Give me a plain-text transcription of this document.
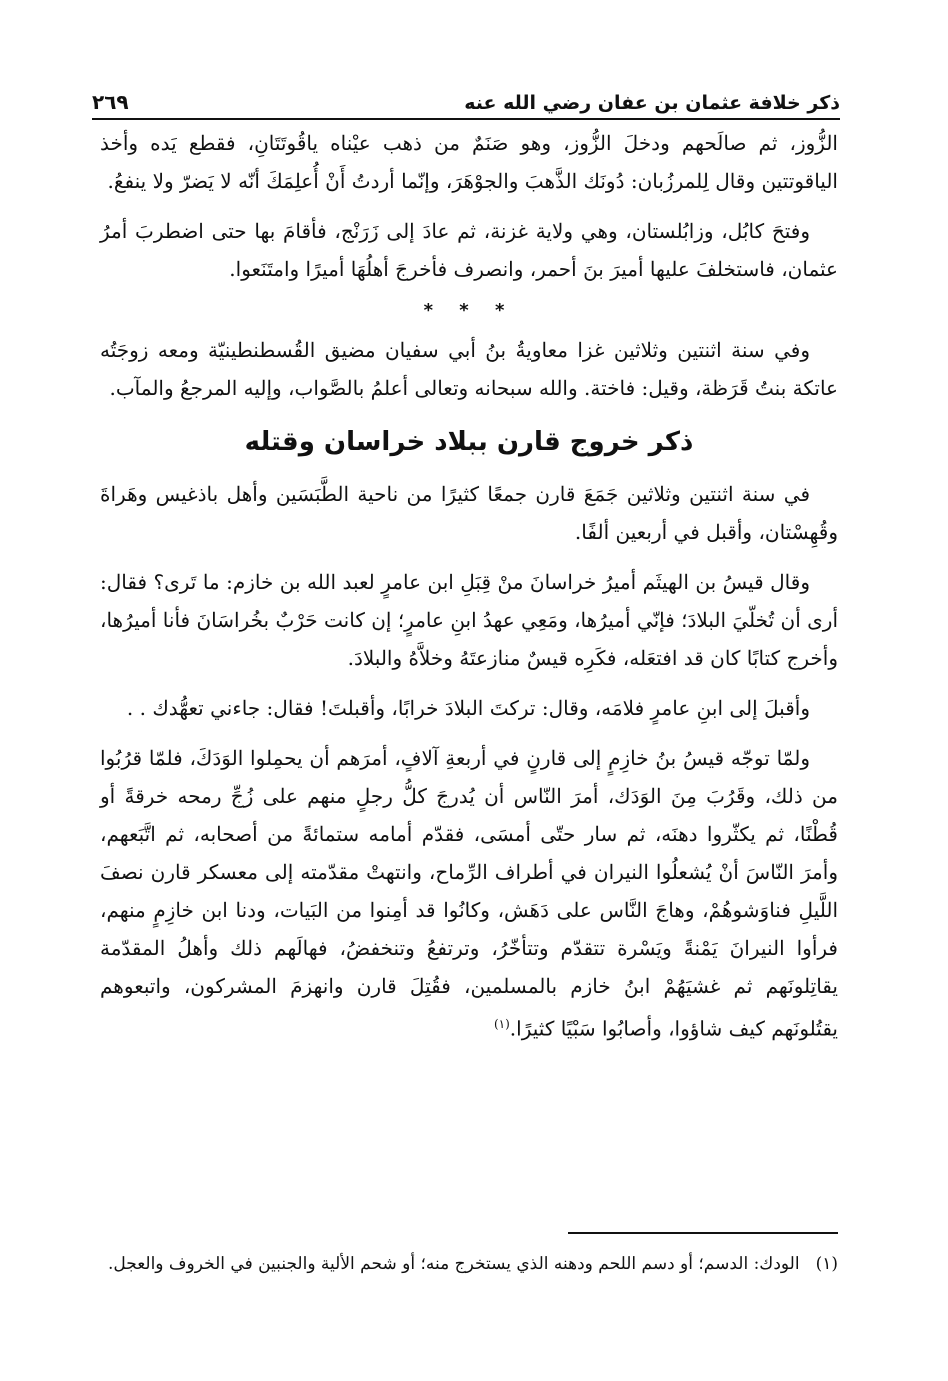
ذكر خلافة عثمان بن عفان رضي الله عنه
٢٦٩

الزُّوز، ثم صالَحهم ودخلَ الزُّوز، وهو صَنَمٌ من ذهب عيْناه ياقُوتَتَانِ، فقطع يَده وأخذ الياقوتتين وقال لِلمرزُبان: دُونَك الذَّهبَ والجوْهَرَ، وإنّما أردتُ أَنْ أُعلِمَكَ أنّه لا يَضرّ ولا ينفعُ.

وفتحَ كابُل، وزابُلستان، وهي ولاية غزنة، ثم عادَ إلى زَرَنْج، فأقامَ بها حتى اضطربَ أمرُ عثمان، فاستخلفَ عليها أميرَ بنَ أحمر، وانصرف فأخرجَ أهلُهَا أميرًا وامتَنَعوا.

* * *

وفي سنة اثنتين وثلاثين غزا معاويةُ بنُ أبي سفيان مضيق القُسطنطينيّة ومعه زوجَتُه عاتكة بنتُ قَرَظة، وقيل: فاختة. والله سبحانه وتعالى أعلمُ بالصَّواب، وإليه المرجعُ والمآب.

ذكر خروج قارن ببلاد خراسان وقتله

في سنة اثنتين وثلاثين جَمَعَ قارن جمعًا كثيرًا من ناحية الطَّبَسَين وأهل باذغيس وهَراةَ وقُهِسْتان، وأقبل في أربعين ألفًا.

وقال قيسُ بن الهيثَم أميرُ خراسانَ منْ قِبَلِ ابن عامرٍ لعبد الله بن خازم: ما تَرى؟ فقال: أرى أن تُخلّيَ البلادَ؛ فإنّي أميرُها، ومَعِي عهدُ ابنِ عامرٍ؛ إن كانت حَرْبٌ بخُراسَانَ فأنا أميرُها، وأخرج كتابًا كان قد افتعَله، فكَرِه قيسٌ منازعتَهُ وخلاَّهُ والبلادَ.

وأقبلَ إلى ابنِ عامرٍ فلامَه، وقال: تركتَ البلادَ خرابًا، وأقبلتَ! فقال: جاءني تعهُّدك . .

ولمّا توجّه قيسُ بنُ خازِمٍ إلى قارنٍ في أربعةِ آلافٍ، أمرَهم أن يحمِلوا الوَدَكَ، فلمّا قرُبُوا من ذلك، وقَرُبَ مِنَ الوَدَك، أمرَ النّاس أن يُدرجَ كلُّ رجلٍ منهم على زُجِّ رمحه خرقةً أو قُطْنًا، ثم يكثّروا دهنَه، ثم سار حتّى أمسَى، فقدّم أمامه ستمائةً من أصحابه، ثم اتَّبَعهم، وأمرَ النّاسَ أنْ يُشعلُوا النيران في أطراف الرِّماح، وانتهتْ مقدّمته إلى معسكر قارن نصفَ اللَّيلِ فناوَشوهُمْ، وهاجَ النَّاس على دَهَش، وكانُوا قد أمِنوا من البَيات، ودنا ابن خازِمٍ منهم، فرأوا النيرانَ يَمْنةً ويَسْرة تتقدّم وتتأخّرُ، وترتفعُ وتنخفضُ، فهالَهم ذلك وأهلُ المقدّمة يقاتِلونَهم ثم غشيَهُمْ ابنُ خازم بالمسلمين، فقُتِلَ قارن وانهزمَ المشركون، واتبعوهم يقتُلونَهم كيف شاؤوا، وأصابُوا سَبْيًا كثيرًا.$^{(١)}$

(١)الودك: الدسم؛ أو دسم اللحم ودهنه الذي يستخرج منه؛ أو شحم الألية والجنبين في الخروف والعجل.
